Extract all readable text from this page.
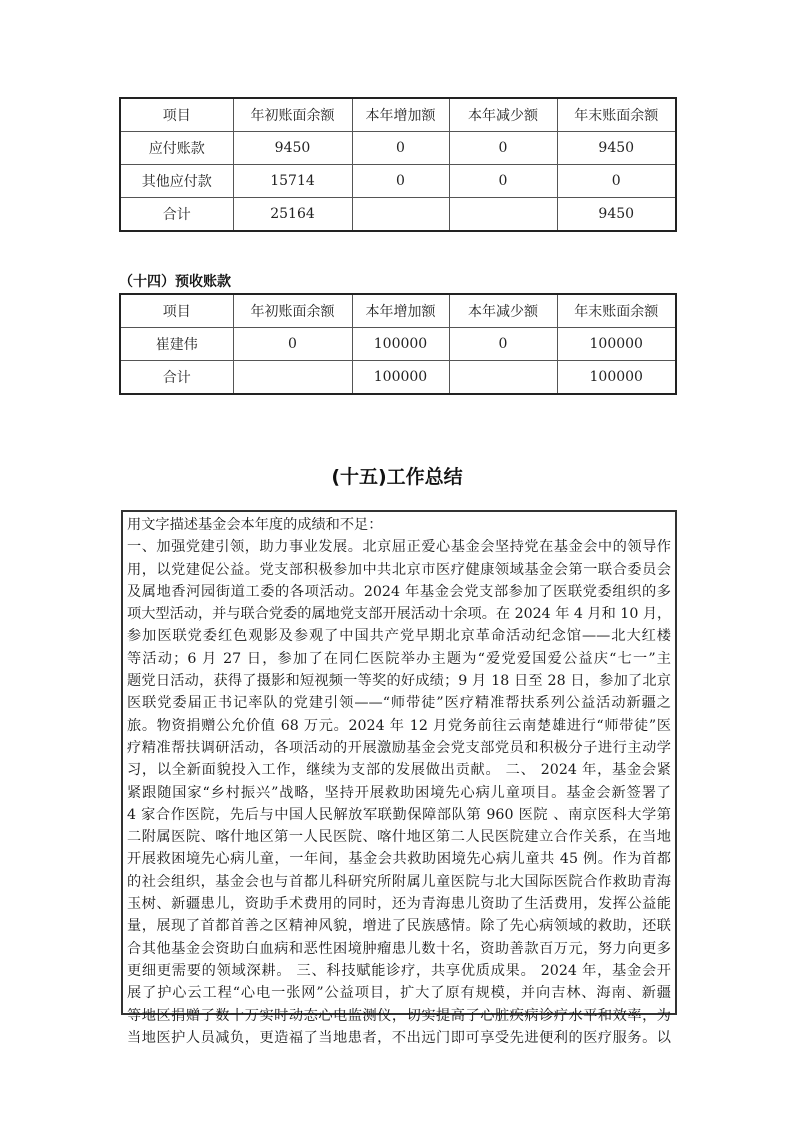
项目	年初账面余额	本年增加额	本年减少额	年末账面余额
应付账款	9450	0	0	9450
其他应付款	15714	0	0	0
合计	25164			9450
（十四）预收账款
项目	年初账面余额	本年增加额	本年减少额	年末账面余额
崔建伟	0	100000	0	100000
合计		100000		100000
(十五)工作总结
用文字描述基金会本年度的成绩和不足：
一、加强党建引领，助力事业发展。北京屈正爱心基金会坚持党在基金会中的领导作
用，以党建促公益。党支部积极参加中共北京市医疗健康领域基金会第一联合委员会
及属地香河园街道工委的各项活动。2024 年基金会党支部参加了医联党委组织的多
项大型活动，并与联合党委的属地党支部开展活动十余项。在 2024 年 4 月和 10 月，
参加医联党委红色观影及参观了中国共产党早期北京革命活动纪念馆——北大红楼
等活动；6 月 27 日，参加了在同仁医院举办主题为“爱党爱国爱公益庆“七一”主
题党日活动，获得了摄影和短视频一等奖的好成绩；9 月 18 日至 28 日，参加了北京
医联党委届正书记率队的党建引领——“师带徒”医疗精准帮扶系列公益活动新疆之
旅。物资捐赠公允价值 68 万元。2024 年 12 月党务前往云南楚雄进行“师带徒”医
疗精准帮扶调研活动，各项活动的开展激励基金会党支部党员和积极分子进行主动学
习，以全新面貌投入工作，继续为支部的发展做出贡献。 二、 2024 年，基金会紧
紧跟随国家“乡村振兴”战略，坚持开展救助困境先心病儿童项目。基金会新签署了
4 家合作医院，先后与中国人民解放军联勤保障部队第 960 医院 、南京医科大学第
二附属医院、喀什地区第一人民医院、喀什地区第二人民医院建立合作关系，在当地
开展救困境先心病儿童，一年间，基金会共救助困境先心病儿童共 45 例。作为首都
的社会组织，基金会也与首都儿科研究所附属儿童医院与北大国际医院合作救助青海
玉树、新疆患儿，资助手术费用的同时，还为青海患儿资助了生活费用，发挥公益能
量，展现了首都首善之区精神风貌，增进了民族感情。除了先心病领域的救助，还联
合其他基金会资助白血病和恶性困境肿瘤患儿数十名，资助善款百万元，努力向更多
更细更需要的领域深耕。 三、科技赋能诊疗，共享优质成果。 2024 年，基金会开
展了护心云工程“心电一张网”公益项目，扩大了原有规模，并向吉林、海南、新疆
等地区捐赠了数十万实时动态心电监测仪，切实提高了心脏疾病诊疗水平和效率，为
当地医护人员减负，更造福了当地患者，不出远门即可享受先进便利的医疗服务。以
